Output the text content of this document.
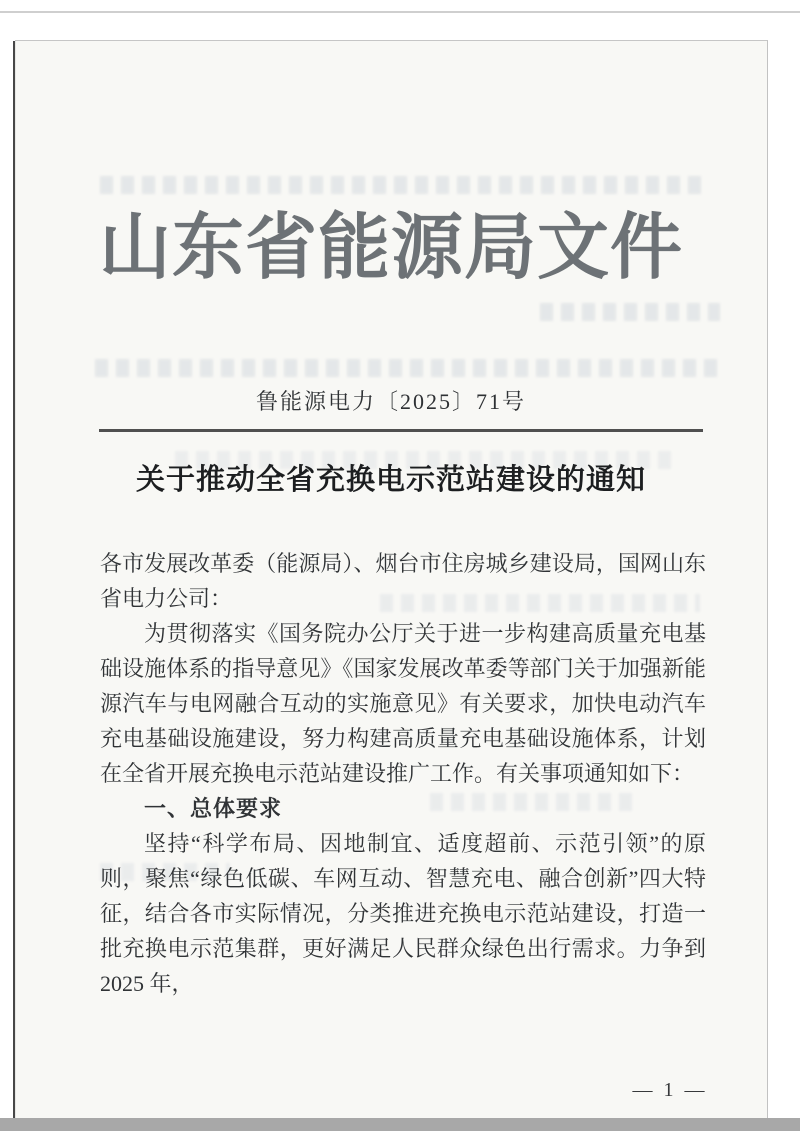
山东省能源局文件
鲁能源电力〔2025〕71号
关于推动全省充换电示范站建设的通知

各市发展改革委（能源局）、烟台市住房城乡建设局，国网山东省电力公司：

为贯彻落实《国务院办公厅关于进一步构建高质量充电基础设施体系的指导意见》《国家发展改革委等部门关于加强新能源汽车与电网融合互动的实施意见》有关要求，加快电动汽车充电基础设施建设，努力构建高质量充电基础设施体系，计划在全省开展充换电示范站建设推广工作。有关事项通知如下：

一、总体要求

坚持“科学布局、因地制宜、适度超前、示范引领”的原则，聚焦“绿色低碳、车网互动、智慧充电、融合创新”四大特征，结合各市实际情况，分类推进充换电示范站建设，打造一批充换电示范集群，更好满足人民群众绿色出行需求。力争到 2025 年，

— 1 —
